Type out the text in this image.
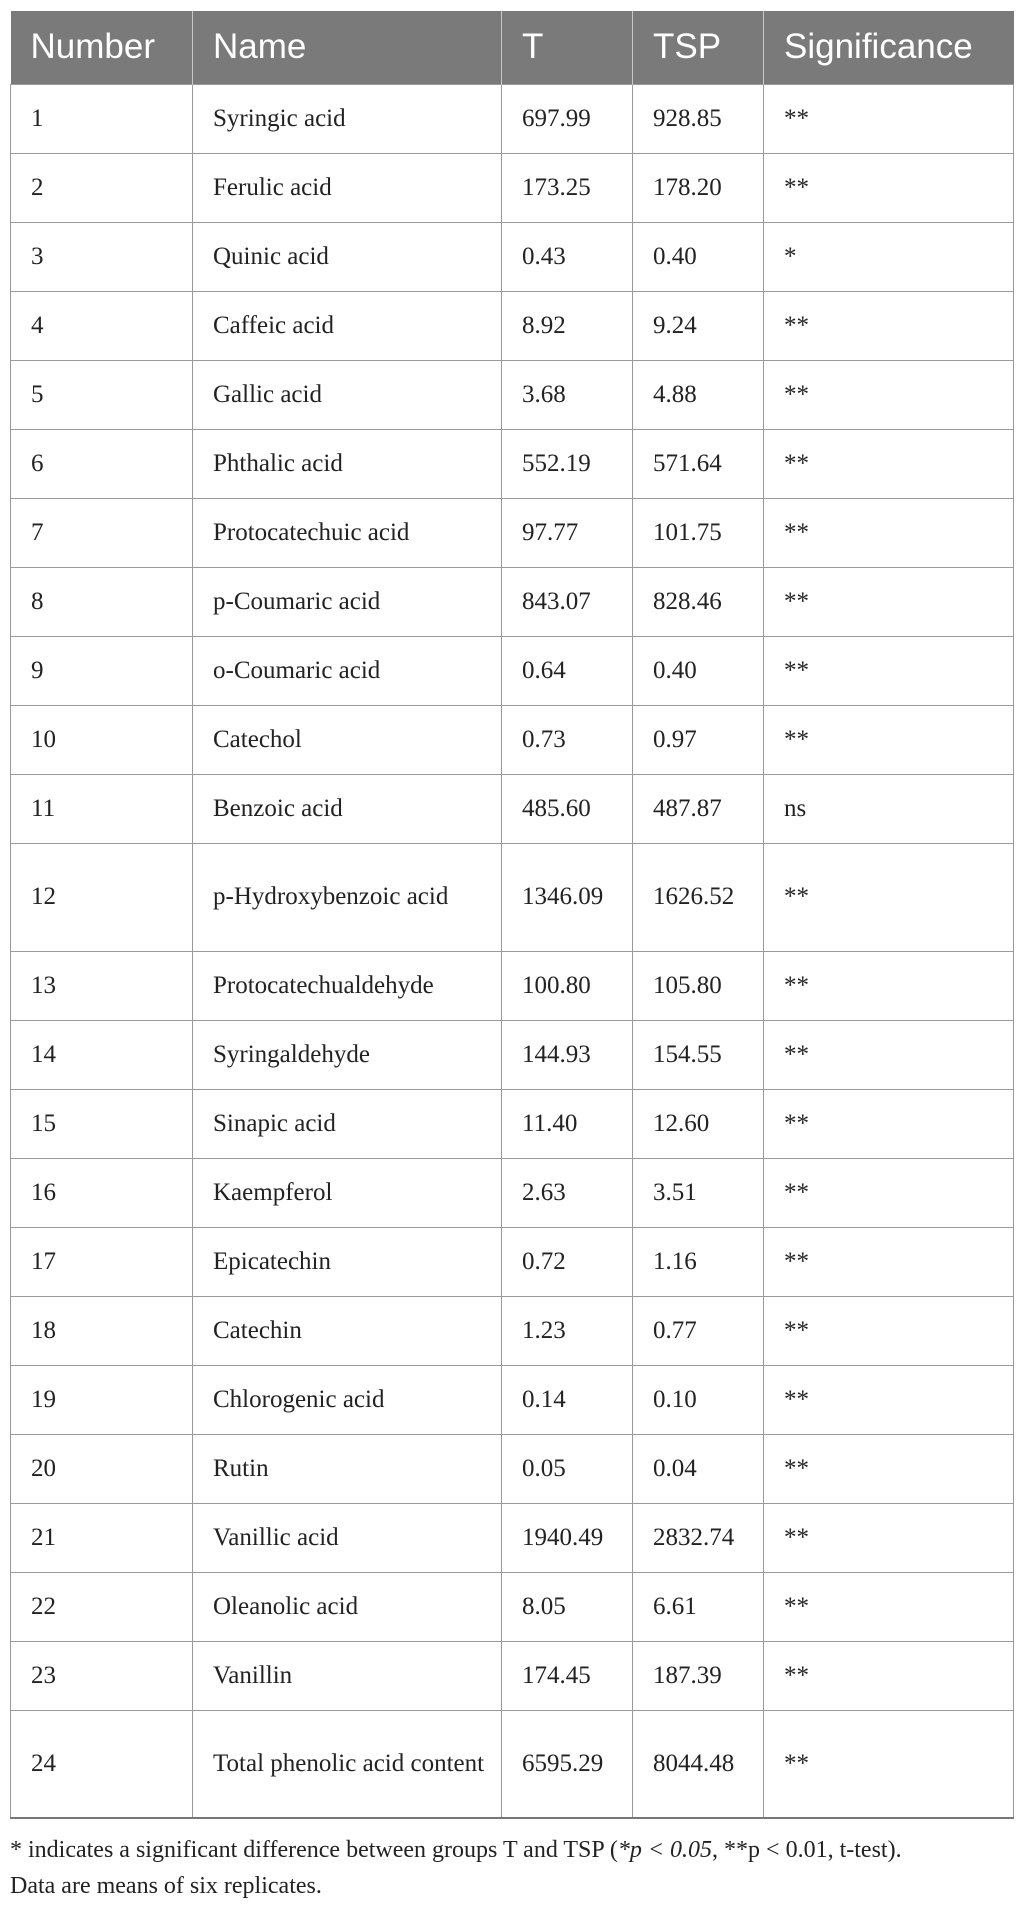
Number	Name	T	TSP	Significance
1	Syringic acid	697.99	928.85	**
2	Ferulic acid	173.25	178.20	**
3	Quinic acid	0.43	0.40	*
4	Caffeic acid	8.92	9.24	**
5	Gallic acid	3.68	4.88	**
6	Phthalic acid	552.19	571.64	**
7	Protocatechuic acid	97.77	101.75	**
8	p-Coumaric acid	843.07	828.46	**
9	o-Coumaric acid	0.64	0.40	**
10	Catechol	0.73	0.97	**
11	Benzoic acid	485.60	487.87	ns
12	p-Hydroxybenzoic acid	1346.09	1626.52	**
13	Protocatechualdehyde	100.80	105.80	**
14	Syringaldehyde	144.93	154.55	**
15	Sinapic acid	11.40	12.60	**
16	Kaempferol	2.63	3.51	**
17	Epicatechin	0.72	1.16	**
18	Catechin	1.23	0.77	**
19	Chlorogenic acid	0.14	0.10	**
20	Rutin	0.05	0.04	**
21	Vanillic acid	1940.49	2832.74	**
22	Oleanolic acid	8.05	6.61	**
23	Vanillin	174.45	187.39	**
24	Total phenolic acid content	6595.29	8044.48	**
* indicates a significant difference between groups T and TSP (*p < 0.05, **p < 0.01, t-test).
Data are means of six replicates.
